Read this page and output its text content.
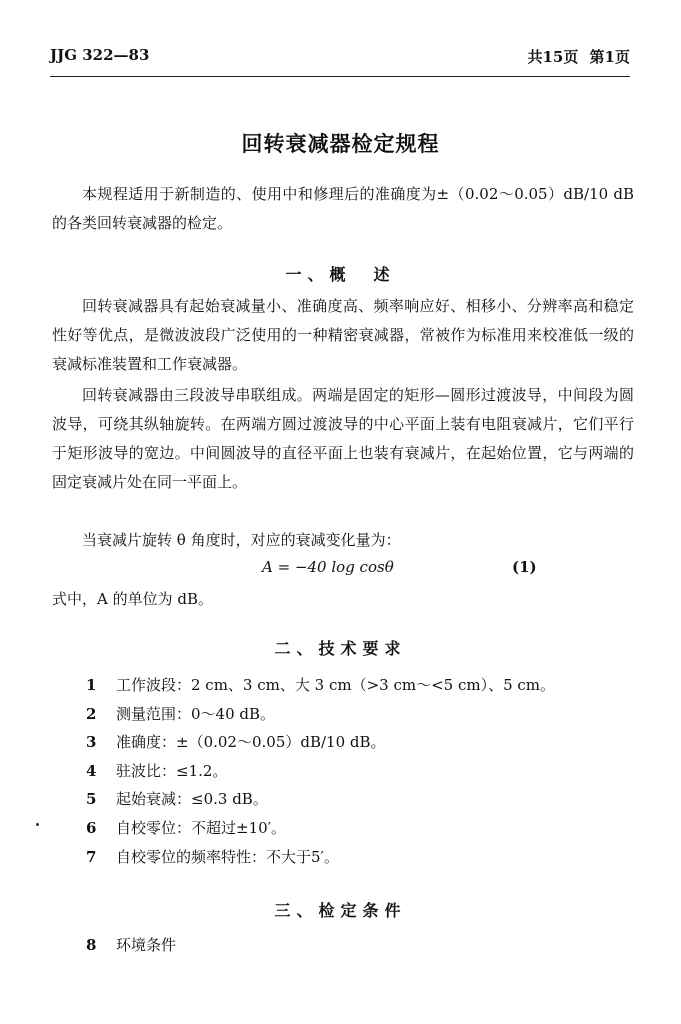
JJG 322—83	共15页 第1页
回转衰减器检定规程
本规程适用于新制造的、使用中和修理后的准确度为±（0.02～0.05）dB/10 dB 的各类回转衰减器的检定。
一、概　述
回转衰减器具有起始衰减量小、准确度高、频率响应好、相移小、分辨率高和稳定性好等优点，是微波波段广泛使用的一种精密衰减器，常被作为标准用来校准低一级的衰减标准装置和工作衰减器。
回转衰减器由三段波导串联组成。两端是固定的矩形—圆形过渡波导，中间段为圆波导，可绕其纵轴旋转。在两端方圆过渡波导的中心平面上装有电阻衰减片，它们平行于矩形波导的宽边。中间圆波导的直径平面上也装有衰减片，在起始位置，它与两端的固定衰减片处在同一平面上。
当衰减片旋转 θ 角度时，对应的衰减变化量为：
A = −40 log cosθ	(1)
式中，A 的单位为 dB。
二、技术要求
1 工作波段：2 cm、3 cm、大 3 cm（>3 cm～<5 cm）、5 cm。
2 测量范围：0～40 dB。
3 准确度：±（0.02～0.05）dB/10 dB。
4 驻波比：≤1.2。
5 起始衰减：≤0.3 dB。
6 自校零位：不超过±10′。
7 自校零位的频率特性：不大于5′。
三、检定条件
8 环境条件
